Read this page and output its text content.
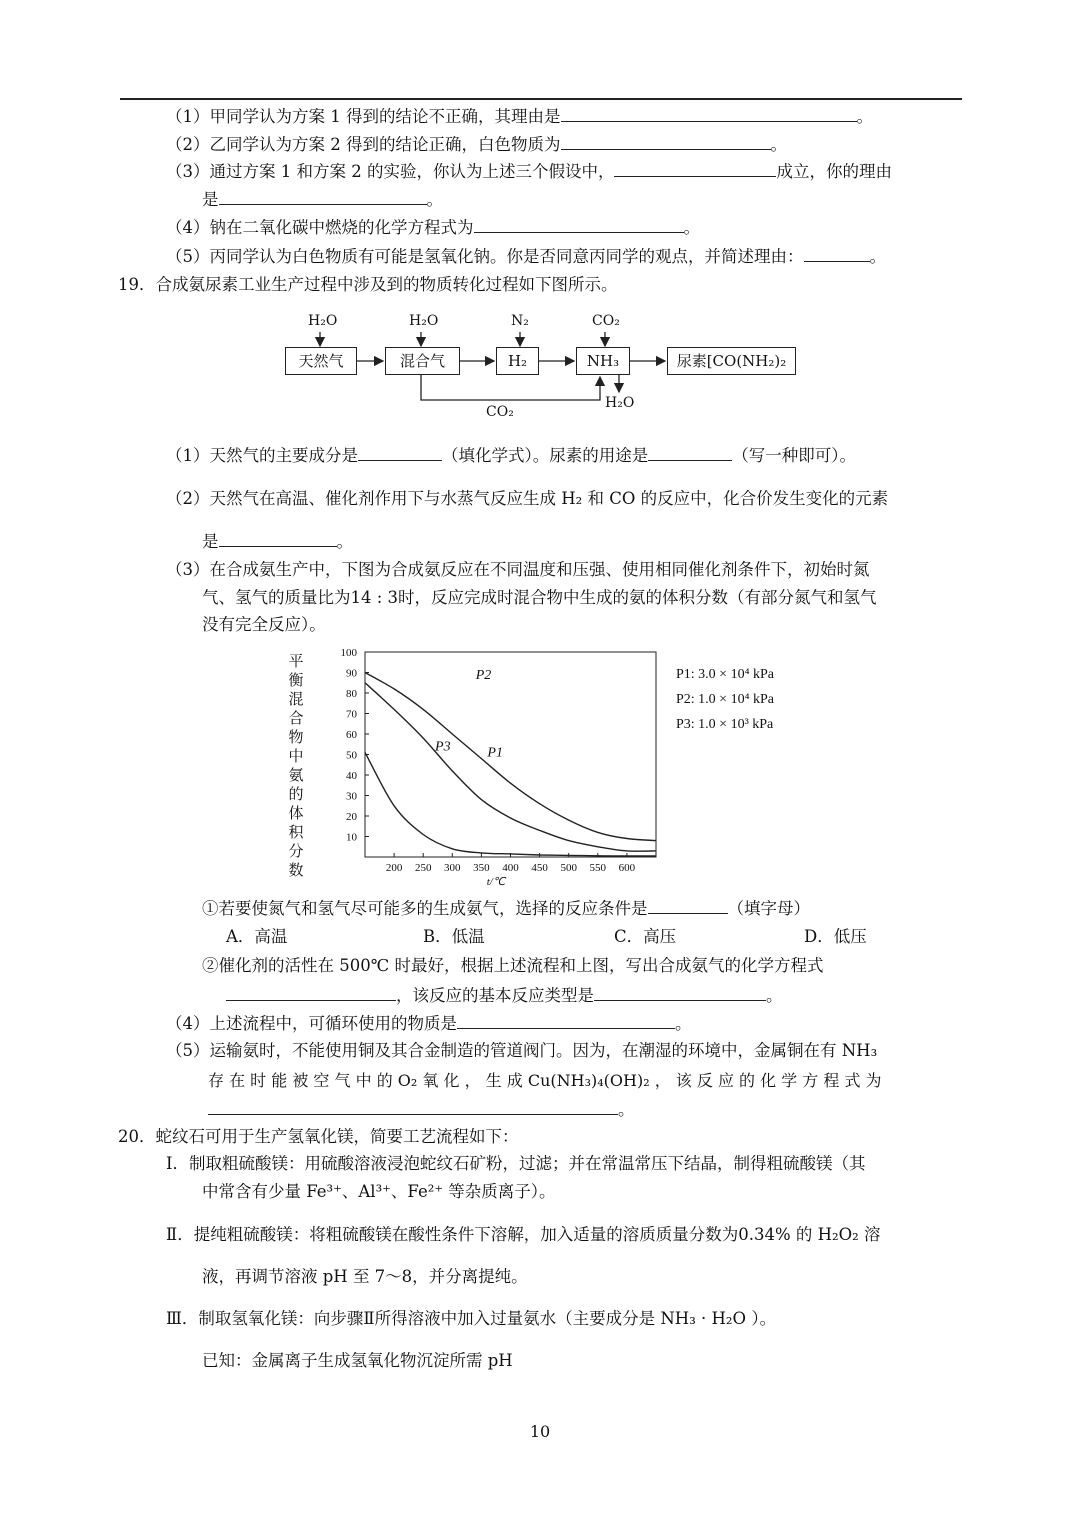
（1）甲同学认为方案 1 得到的结论不正确，其理由是	。
（2）乙同学认为方案 2 得到的结论正确，白色物质为	。
（3）通过方案 1 和方案 2 的实验，你认为上述三个假设中，	成立，你的理由
是	。
（4）钠在二氧化碳中燃烧的化学方程式为	。
（5）丙同学认为白色物质有可能是氢氧化钠。你是否同意丙同学的观点，并简述理由：	。
19．合成氨尿素工业生产过程中涉及到的物质转化过程如下图所示。
天然气	混合气	H₂	NH₃	尿素[CO(NH₂)₂
H₂O	H₂O	N₂	CO₂
CO₂
H₂O
（1）天然气的主要成分是	（填化学式）。尿素的用途是	（写一种即可）。
（2）天然气在高温、催化剂作用下与水蒸气反应生成 H₂ 和 CO 的反应中，化合价发生变化的元素
是	。
（3）在合成氨生产中，下图为合成氨反应在不同温度和压强、使用相同催化剂条件下，初始时氮
气、氢气的质量比为14 : 3时，反应完成时混合物中生成的氨的体积分数（有部分氮气和氢气
没有完全反应）。
平衡混合物中氨的体积分数
10
20
30
40
50
60
70
80
90
100
200 250 300 350 400 450 500 550 600
t/℃
P1
P2
P3
P1: 3.0 × 10⁴ kPa
P2: 1.0 × 10⁴ kPa
P3: 1.0 × 10³ kPa
①若要使氮气和氢气尽可能多的生成氨气，选择的反应条件是	（填字母）
A．高温	B．低温	C．高压	D．低压
②催化剂的活性在 500℃ 时最好，根据上述流程和上图，写出合成氨气的化学方程式
，该反应的基本反应类型是	。
（4）上述流程中，可循环使用的物质是	。
（5）运输氨时，不能使用铜及其合金制造的管道阀门。因为，在潮湿的环境中，金属铜在有 NH₃
存 在 时 能 被 空 气 中 的 O₂ 氧 化 ， 生 成 Cu(NH₃)₄(OH)₂ ， 该 反 应 的 化 学 方 程 式 为
。
20．蛇纹石可用于生产氢氧化镁，简要工艺流程如下：
Ⅰ．制取粗硫酸镁：用硫酸溶液浸泡蛇纹石矿粉，过滤；并在常温常压下结晶，制得粗硫酸镁（其
中常含有少量 Fe³⁺、Al³⁺、Fe²⁺ 等杂质离子）。
Ⅱ．提纯粗硫酸镁：将粗硫酸镁在酸性条件下溶解，加入适量的溶质质量分数为0.34% 的 H₂O₂ 溶
液，再调节溶液 pH 至 7～8，并分离提纯。
Ⅲ．制取氢氧化镁：向步骤Ⅱ所得溶液中加入过量氨水（主要成分是 NH₃ · H₂O ）。
已知：金属离子生成氢氧化物沉淀所需 pH
10
